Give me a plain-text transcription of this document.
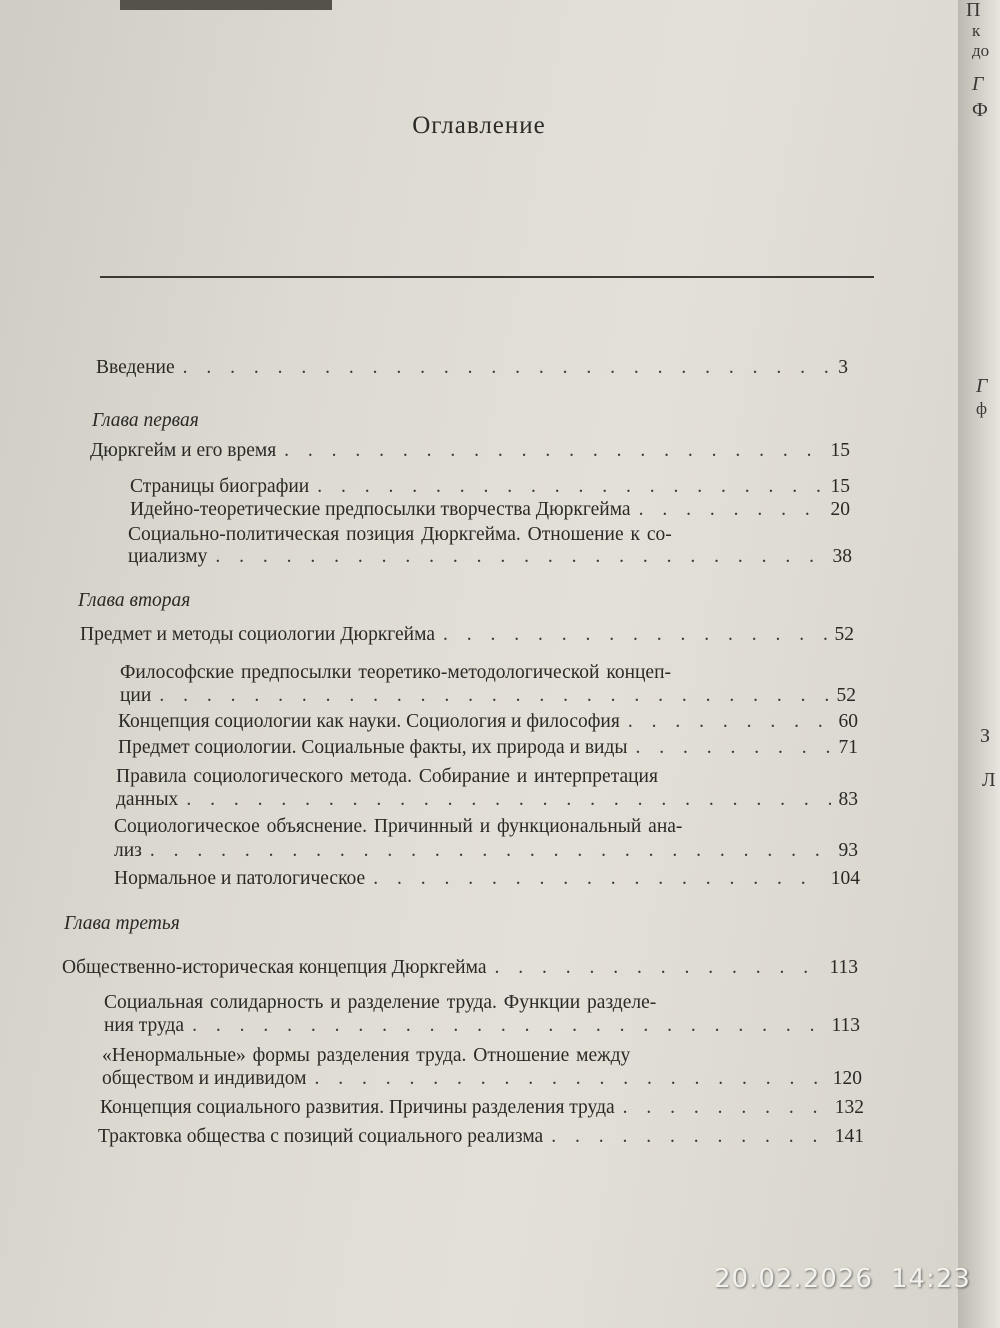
Оглавление
Введение . . .	3
Глава первая
Дюркгейм и его время . . .	15
Страницы биографии . . .	15
Идейно-теоретические предпосылки творчества Дюркгейма . . .	20
Социально-политическая позиция Дюркгейма. Отношение к со-
циализму . . .	38
Глава вторая
Предмет и методы социологии Дюркгейма . . .	52
Философские предпосылки теоретико-методологической концеп-
ции . . .	52
Концепция социологии как науки. Социология и философия . . .	60
Предмет социологии. Социальные факты, их природа и виды . . .	71
Правила социологического метода. Собирание и интерпретация
данных . . .	83
Социологическое объяснение. Причинный и функциональный ана-
лиз . . .	93
Нормальное и патологическое . . .	104
Глава третья
Общественно-историческая концепция Дюркгейма . . .	113
Социальная солидарность и разделение труда. Функции разделе-
ния труда . . .	113
«Ненормальные» формы разделения труда. Отношение между
обществом и индивидом . . .	120
Концепция социального развития. Причины разделения труда . . .	132
Трактовка общества с позиций социального реализма . . .	141
П
к
до
Г
Ф
Г
ф
З
Л
20.02.2026 14:23
